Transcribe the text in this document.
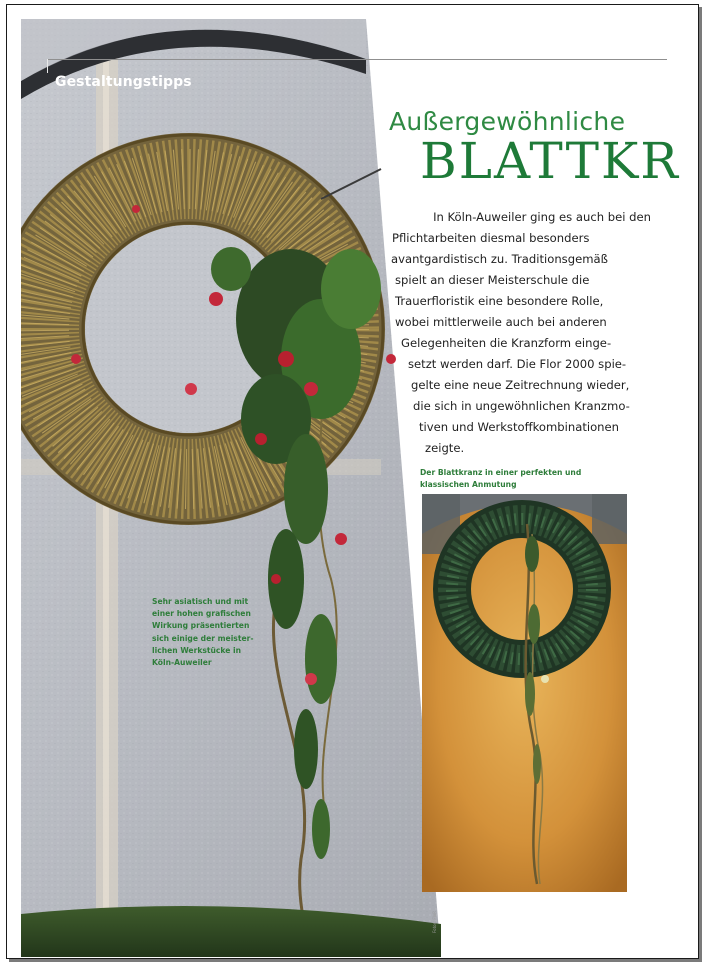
Gestaltungstipps
Außergewöhnliche
BLATTKR

In Köln-Auweiler ging es auch bei den
Pflichtarbeiten diesmal besonders
avantgardistisch zu. Traditionsgemäß
spielt an dieser Meisterschule die
Trauerfloristik eine besondere Rolle,
wobei mittlerweile auch bei anderen
Gelegenheiten die Kranzform einge-
setzt werden darf. Die Flor 2000 spie-
gelte eine neue Zeitrechnung wieder,
die sich in ungewöhnlichen Kranzmo-
tiven und Werkstoffkombinationen
zeigte.

Der Blattkranz in einer perfekten und
klassischen Anmutung

Sehr asiatisch und mit
einer hohen grafischen
Wirkung präsentierten
sich einige der meister-
lichen Werkstücke in
Köln-Auweiler

Fotos: FloR
